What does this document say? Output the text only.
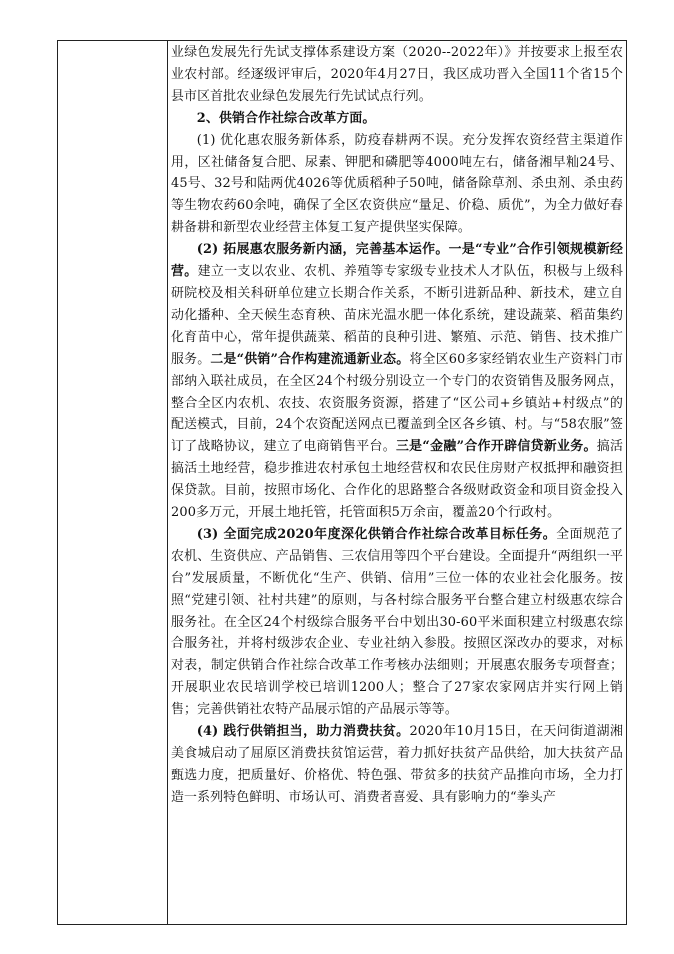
业绿色发展先行先试支撑体系建设方案（2020--2022年）》并按要求上报至农业农村部。经逐级评审后，2020年4月27日，我区成功晋入全国11个省15个县市区首批农业绿色发展先行先试试点行列。

2、供销合作社综合改革方面。

(1) 优化惠农服务新体系，防疫春耕两不误。充分发挥农资经营主渠道作用，区社储备复合肥、尿素、钾肥和磷肥等4000吨左右，储备湘早籼24号、45号、32号和陆两优4026等优质稻种子50吨，储备除草剂、杀虫剂、杀虫药等生物农药60余吨，确保了全区农资供应“量足、价稳、质优”，为全力做好春耕备耕和新型农业经营主体复工复产提供坚实保障。

(2) 拓展惠农服务新内涵，完善基本运作。一是“专业”合作引领规模新经营。建立一支以农业、农机、养殖等专家级专业技术人才队伍，积极与上级科研院校及相关科研单位建立长期合作关系，不断引进新品种、新技术，建立自动化播种、全天候生态育秧、苗床光温水肥一体化系统，建设蔬菜、稻苗集约化育苗中心，常年提供蔬菜、稻苗的良种引进、繁殖、示范、销售、技术推广服务。二是“供销”合作构建流通新业态。将全区60多家经销农业生产资料门市部纳入联社成员，在全区24个村级分别设立一个专门的农资销售及服务网点，整合全区内农机、农技、农资服务资源，搭建了“区公司+乡镇站+村级点”的配送模式，目前，24个农资配送网点已覆盖到全区各乡镇、村。与“58农服”签订了战略协议，建立了电商销售平台。三是“金融”合作开辟信贷新业务。搞活搞活土地经营，稳步推进农村承包土地经营权和农民住房财产权抵押和融资担保贷款。目前，按照市场化、合作化的思路整合各级财政资金和项目资金投入200多万元，开展土地托管，托管面积5万余亩，覆盖20个行政村。

(3) 全面完成2020年度深化供销合作社综合改革目标任务。全面规范了农机、生资供应、产品销售、三农信用等四个平台建设。全面提升“两组织一平台”发展质量，不断优化“生产、供销、信用”三位一体的农业社会化服务。按照“党建引领、社村共建”的原则，与各村综合服务平台整合建立村级惠农综合服务社。在全区24个村级综合服务平台中划出30-60平米面积建立村级惠农综合服务社，并将村级涉农企业、专业社纳入参股。按照区深改办的要求，对标对表，制定供销合作社综合改革工作考核办法细则；开展惠农服务专项督查；开展职业农民培训学校已培训1200人；整合了27家农家网店并实行网上销售；完善供销社农特产品展示馆的产品展示等等。

(4) 践行供销担当，助力消费扶贫。2020年10月15日，在天问街道湖湘美食城启动了屈原区消费扶贫馆运营，着力抓好扶贫产品供给，加大扶贫产品甄选力度，把质量好、价格优、特色强、带贫多的扶贫产品推向市场，全力打造一系列特色鲜明、市场认可、消费者喜爱、具有影响力的“拳头产
